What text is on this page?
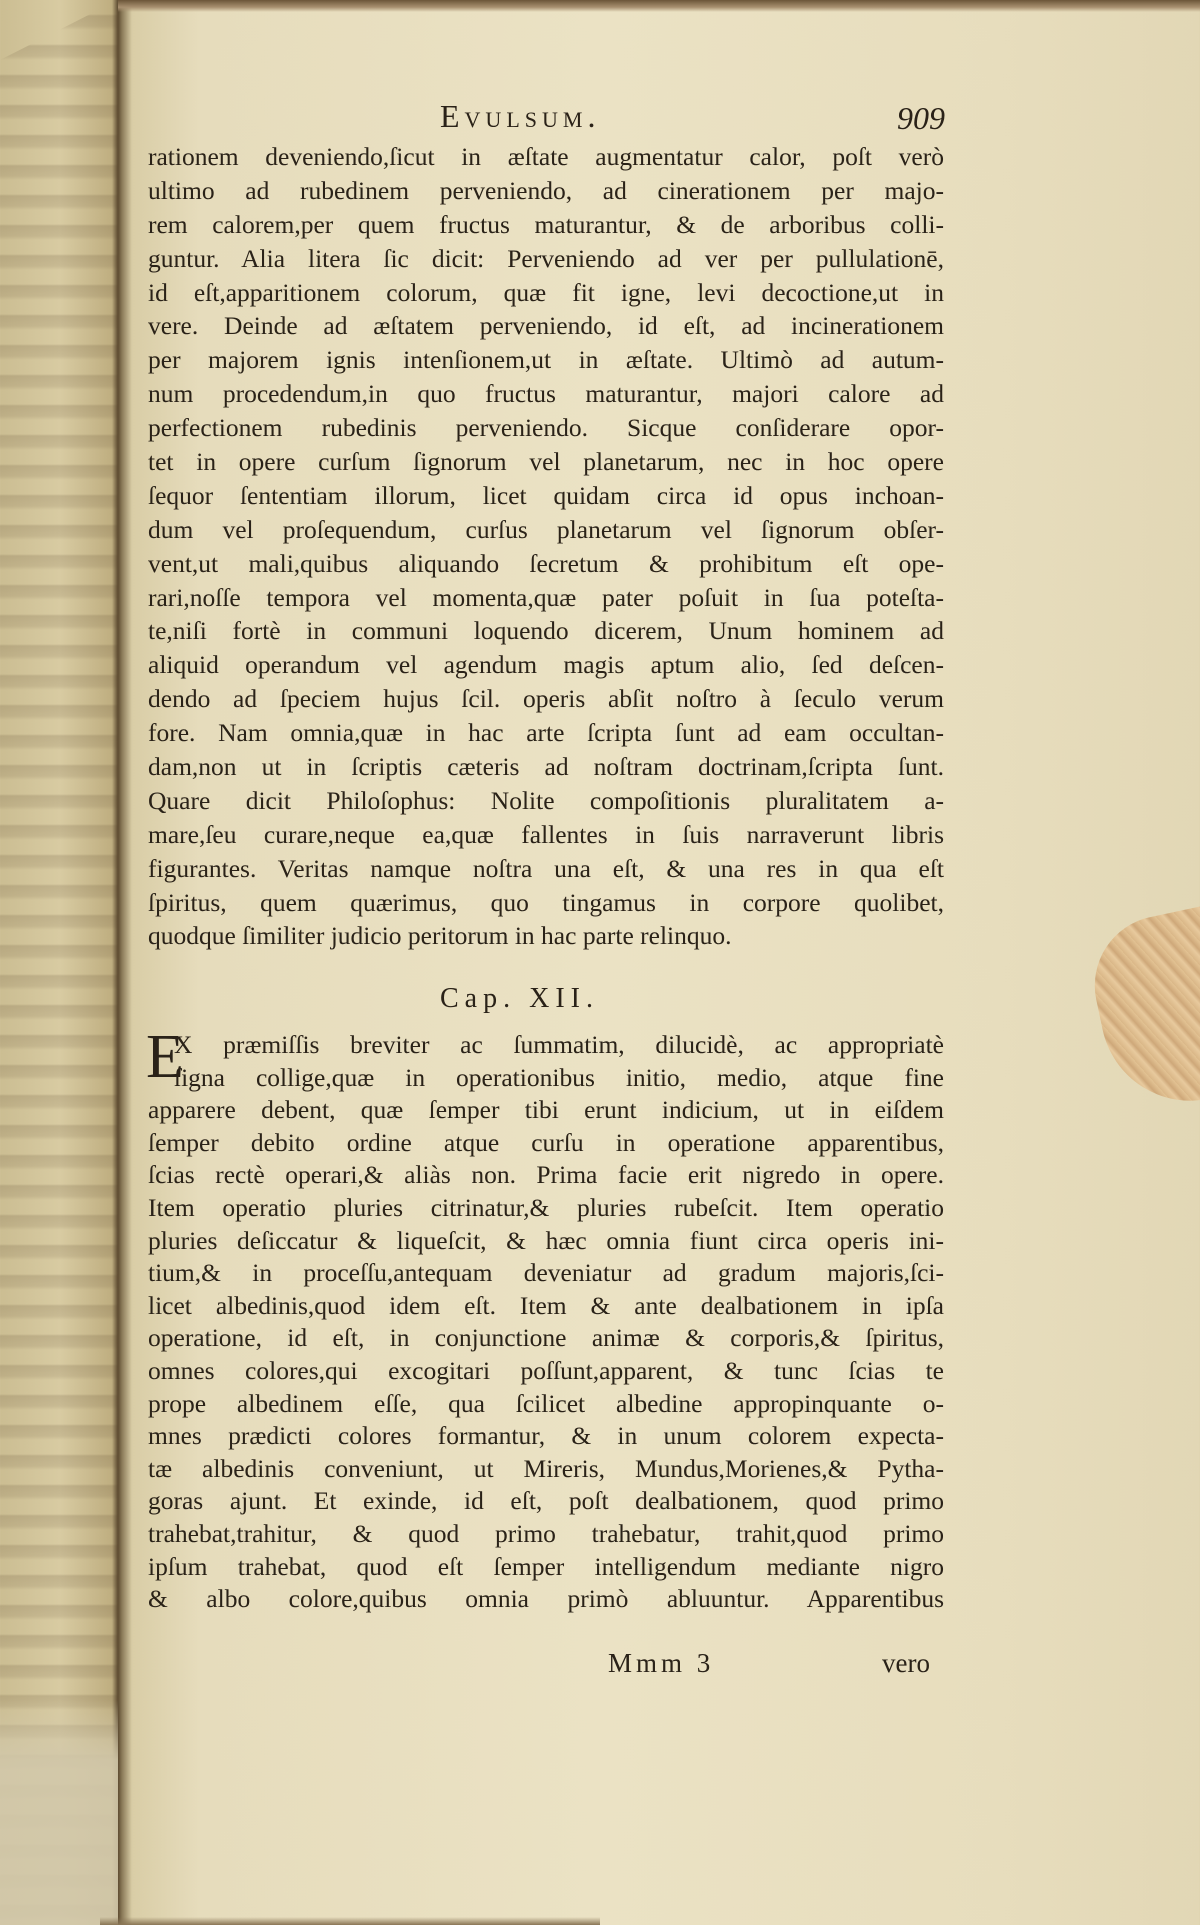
Evulsum.	909
rationem deveniendo,ſicut in æſtate augmentatur calor, poſt verò
ultimo ad rubedinem perveniendo, ad cinerationem per majo-
rem calorem,per quem fructus maturantur, & de arboribus colli-
guntur. Alia litera ſic dicit: Perveniendo ad ver per pullulationē,
id eſt,apparitionem colorum, quæ fit igne, levi decoctione,ut in
vere. Deinde ad æſtatem perveniendo, id eſt, ad incinerationem
per majorem ignis intenſionem,ut in æſtate. Ultimò ad autum-
num procedendum,in quo fructus maturantur, majori calore ad
perfectionem rubedinis perveniendo. Sicque conſiderare opor-
tet in opere curſum ſignorum vel planetarum, nec in hoc opere
ſequor ſententiam illorum, licet quidam circa id opus inchoan-
dum vel proſequendum, curſus planetarum vel ſignorum obſer-
vent,ut mali,quibus aliquando ſecretum & prohibitum eſt ope-
rari,noſſe tempora vel momenta,quæ pater poſuit in ſua poteſta-
te,niſi fortè in communi loquendo dicerem, Unum hominem ad
aliquid operandum vel agendum magis aptum alio, ſed deſcen-
dendo ad ſpeciem hujus ſcil. operis abſit noſtro à ſeculo verum
fore. Nam omnia,quæ in hac arte ſcripta ſunt ad eam occultan-
dam,non ut in ſcriptis cæteris ad noſtram doctrinam,ſcripta ſunt.
Quare dicit Philoſophus: Nolite compoſitionis pluralitatem a-
mare,ſeu curare,neque ea,quæ fallentes in ſuis narraverunt libris
figurantes. Veritas namque noſtra una eſt, & una res in qua eſt
ſpiritus, quem quærimus, quo tingamus in corpore quolibet,
quodque ſimiliter judicio peritorum in hac parte relinquo.
Cap. XII.
E
X præmiſſis breviter ac ſummatim, dilucidè, ac appropriatè
ſigna collige,quæ in operationibus initio, medio, atque fine
apparere debent, quæ ſemper tibi erunt indicium, ut in eiſdem
ſemper debito ordine atque curſu in operatione apparentibus,
ſcias rectè operari,& aliàs non. Prima facie erit nigredo in opere.
Item operatio pluries citrinatur,& pluries rubeſcit. Item operatio
pluries deſiccatur & liqueſcit, & hæc omnia fiunt circa operis ini-
tium,& in proceſſu,antequam deveniatur ad gradum majoris,ſci-
licet albedinis,quod idem eſt. Item & ante dealbationem in ipſa
operatione, id eſt, in conjunctione animæ & corporis,& ſpiritus,
omnes colores,qui excogitari poſſunt,apparent, & tunc ſcias te
prope albedinem eſſe, qua ſcilicet albedine appropinquante o-
mnes prædicti colores formantur, & in unum colorem expecta-
tæ albedinis conveniunt, ut Mireris, Mundus,Morienes,& Pytha-
goras ajunt. Et exinde, id eſt, poſt dealbationem, quod primo
trahebat,trahitur, & quod primo trahebatur, trahit,quod primo
ipſum trahebat, quod eſt ſemper intelligendum mediante nigro
& albo colore,quibus omnia primò abluuntur. Apparentibus
Mmm 3	vero
